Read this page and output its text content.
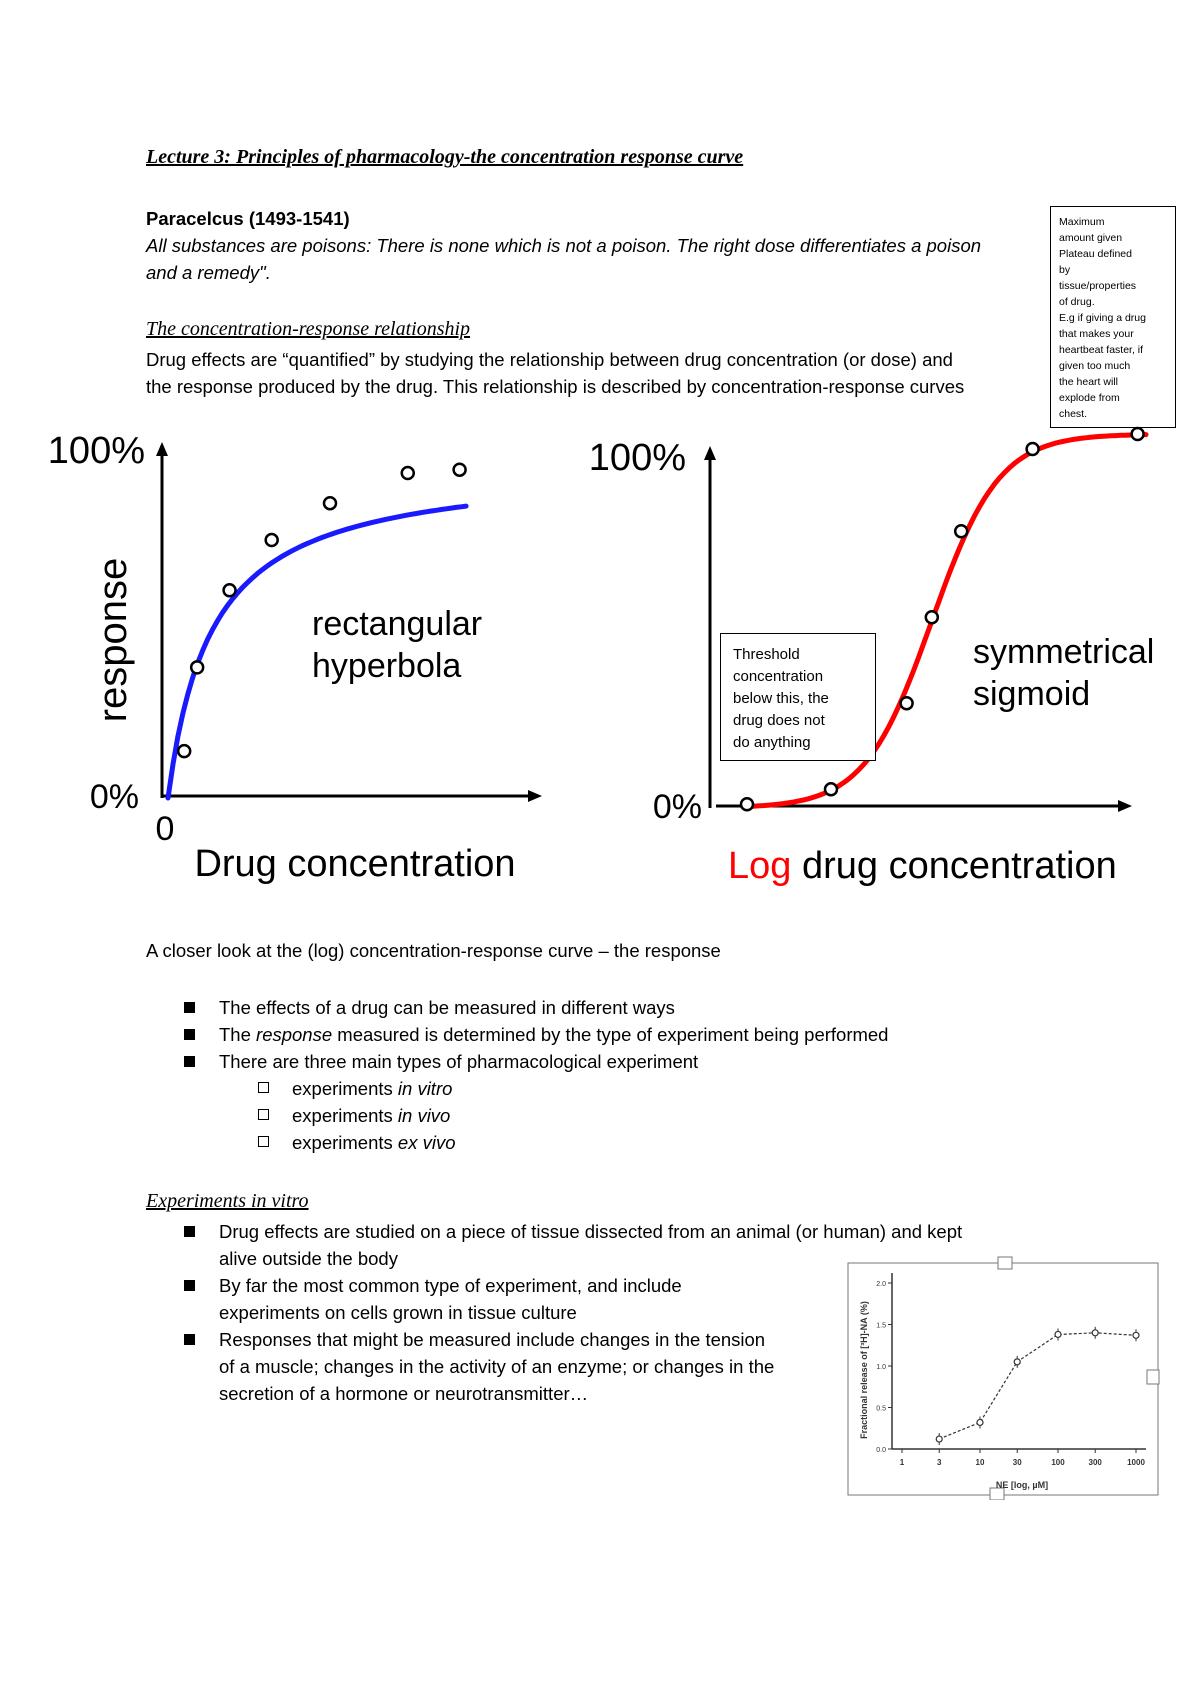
Lecture 3: Principles of pharmacology-the concentration response curve
Paracelcus (1493-1541)
All substances are poisons: There is none which is not a poison. The right dose differentiates a poison
and a remedy".
The concentration-response relationship
Drug effects are “quantified” by studying the relationship between drug concentration (or dose) and
the response produced by the drug. This relationship is described by concentration-response curves
Maximum
amount given
Plateau defined
by
tissue/properties
of drug.
E.g if giving a drug
that makes your
heartbeat faster, if
given too much
the heart will
explode from
chest.
100%
0%
0
response
Drug concentration
rectangular
hyperbola
100%
0%
Log drug concentration
symmetrical
sigmoid
Threshold
concentration
below this, the
drug does not
do anything
A closer look at the (log) concentration-response curve – the response
The effects of a drug can be measured in different ways
The response measured is determined by the type of experiment being performed
There are three main types of pharmacological experiment
experiments in vitro
experiments in vivo
experiments ex vivo
Experiments in vitro
Drug effects are studied on a piece of tissue dissected from an animal (or human) and kept
alive outside the body
By far the most common type of experiment, and include
experiments on cells grown in tissue culture
Responses that might be measured include changes in the tension
of a muscle; changes in the activity of an enzyme; or changes in the
secretion of a hormone or neurotransmitter…	Fractional release of [³H]-NA (%)
NE [log, µM]
1	3	10	30	100	300	1000
0.0
0.5
1.0
1.5
2.0
